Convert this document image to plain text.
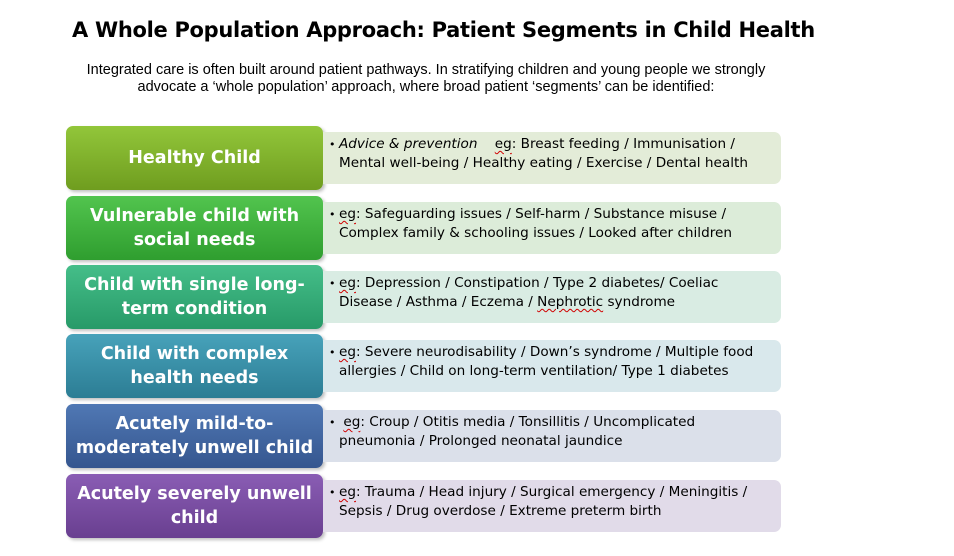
A Whole Population Approach: Patient Segments in Child Health
Integrated care is often built around patient pathways. In stratifying children and young people we strongly advocate a ‘whole population’ approach, where broad patient ‘segments’ can be identified:
Healthy Child
• Advice & prevention eg: Breast feeding / Immunisation / Mental well-being / Healthy eating / Exercise / Dental health
Vulnerable child with social needs
• eg: Safeguarding issues / Self-harm / Substance misuse / Complex family & schooling issues / Looked after children
Child with single long-term condition
• eg: Depression / Constipation / Type 2 diabetes/ Coeliac Disease / Asthma / Eczema / Nephrotic syndrome
Child with complex health needs
• eg: Severe neurodisability / Down’s syndrome / Multiple food allergies / Child on long-term ventilation/ Type 1 diabetes
Acutely mild-to-moderately unwell child
• eg: Croup / Otitis media / Tonsillitis / Uncomplicated pneumonia / Prolonged neonatal jaundice
Acutely severely unwell child
• eg: Trauma / Head injury / Surgical emergency / Meningitis / Sepsis / Drug overdose / Extreme preterm birth
